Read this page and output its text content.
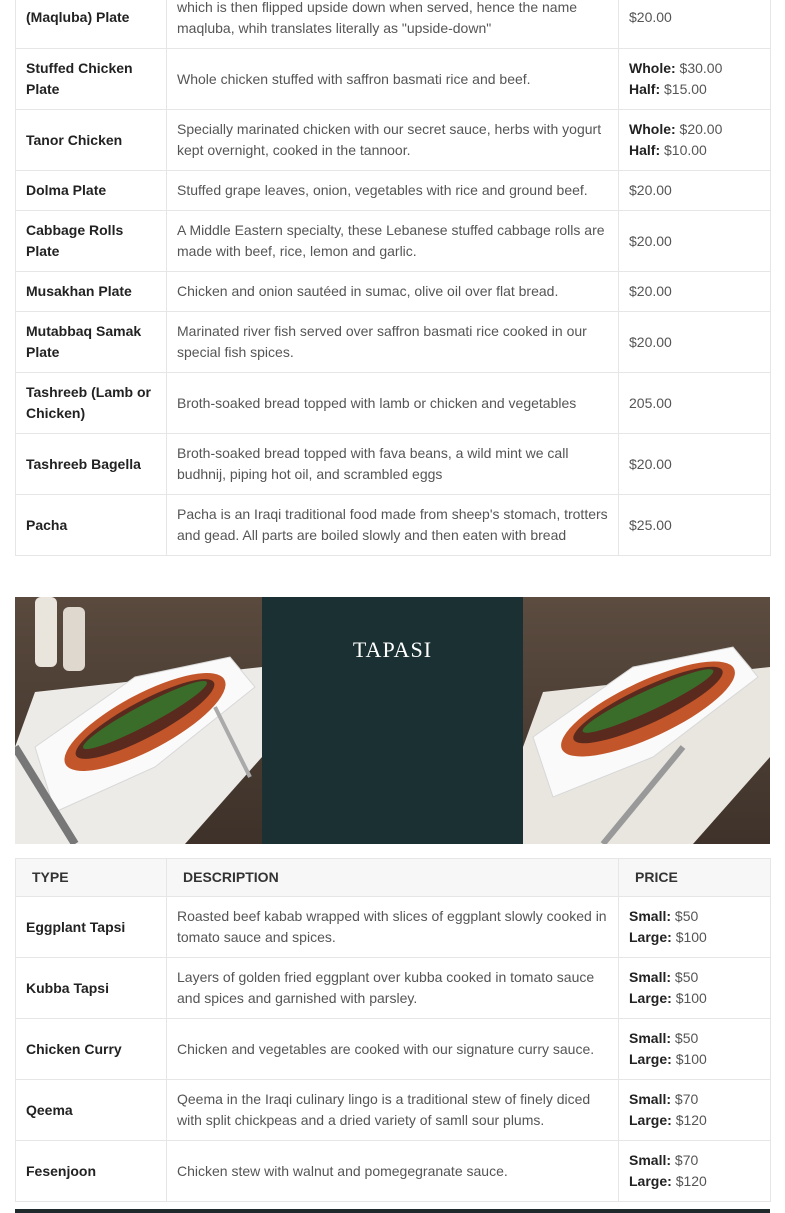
(Maqluba) Plate	which is then flipped upside down when served, hence the name maqluba, whih translates literally as "upside-down"	$20.00

Stuffed Chicken Plate	Whole chicken stuffed with saffron basmati rice and beef.	Whole: $30.00
Half: $15.00

Tanor Chicken	Specially marinated chicken with our secret sauce, herbs with yogurt kept overnight, cooked in the tannoor.	Whole: $20.00
Half: $10.00

Dolma Plate	Stuffed grape leaves, onion, vegetables with rice and ground beef.	$20.00

Cabbage Rolls Plate	A Middle Eastern specialty, these Lebanese stuffed cabbage rolls are made with beef, rice, lemon and garlic.	$20.00

Musakhan Plate	Chicken and onion sautéed in sumac, olive oil over flat bread.	$20.00

Mutabbaq Samak Plate	Marinated river fish served over saffron basmati rice cooked in our special fish spices.	$20.00

Tashreeb (Lamb or Chicken)	Broth-soaked bread topped with lamb or chicken and vegetables	205.00

Tashreeb Bagella	Broth-soaked bread topped with fava beans, a wild mint we call budhnij, piping hot oil, and scrambled eggs	$20.00

Pacha	Pacha is an Iraqi traditional food made from sheep's stomach, trotters and gead. All parts are boiled slowly and then eaten with bread	$25.00
TAPASI
TYPE	DESCRIPTION	PRICE
Eggplant Tapsi	Roasted beef kabab wrapped with slices of eggplant slowly cooked in tomato sauce and spices.	Small: $50
Large: $100

Kubba Tapsi	Layers of golden fried eggplant over kubba cooked in tomato sauce and spices and garnished with parsley.	Small: $50
Large: $100

Chicken Curry	Chicken and vegetables are cooked with our signature curry sauce.	Small: $50
Large: $100

Qeema	Qeema in the Iraqi culinary lingo is a traditional stew of finely diced with split chickpeas and a dried variety of samll sour plums.	Small: $70
Large: $120

Fesenjoon	Chicken stew with walnut and pomegegranate sauce.	Small: $70
Large: $120
